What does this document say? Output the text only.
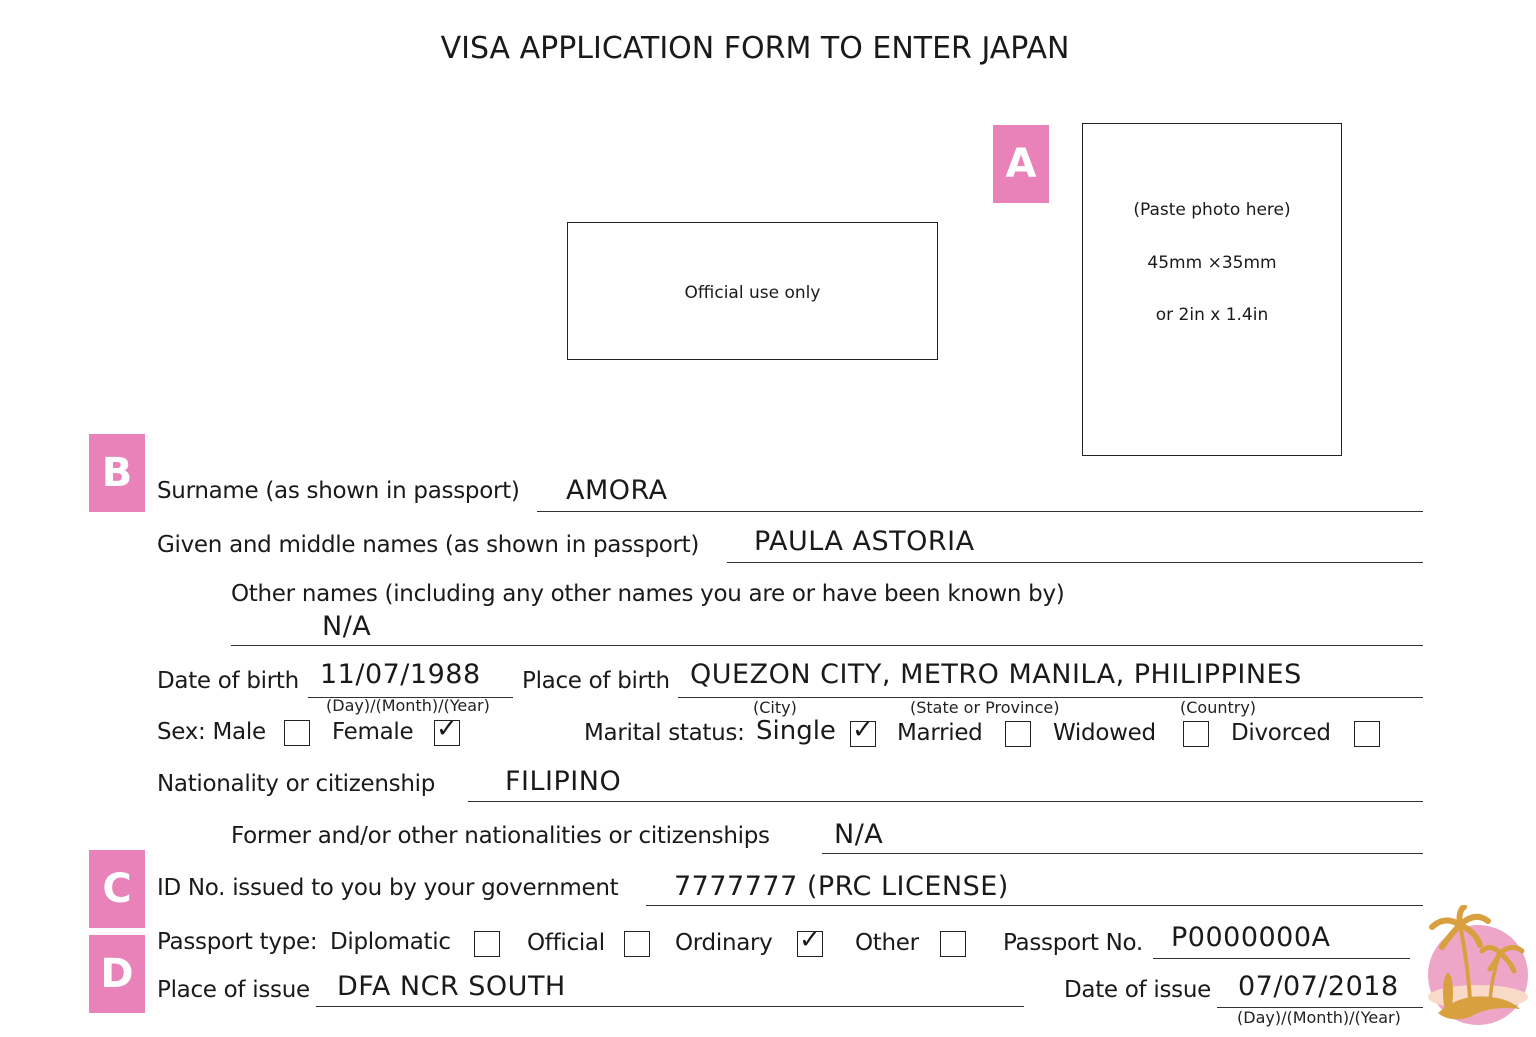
VISA APPLICATION FORM TO ENTER JAPAN
A
(Paste photo here)
45mm ×35mm
or 2in x 1.4in
Official use only
B
C
D
Surname (as shown in passport) AMORA
Given and middle names (as shown in passport) PAULA ASTORIA
Other names (including any other names you are or have been known by)
N/A
Date of birth 11/07/1988
(Day)/(Month)/(Year)
Place of birth QUEZON CITY, METRO MANILA, PHILIPPINES
(City)	(State or Province)	(Country)
Sex: Male	Female ✓	Marital status: Single ✓ Married	Widowed	Divorced
Nationality or citizenship	FILIPINO
Former and/or other nationalities or citizenships N/A
ID No. issued to you by your government 7777777 (PRC LICENSE)
Passport type: Diplomatic	Official	Ordinary ✓ Other	Passport No. P0000000A
Place of issue DFA NCR SOUTH	Date of issue 07/07/2018
(Day)/(Month)/(Year)
